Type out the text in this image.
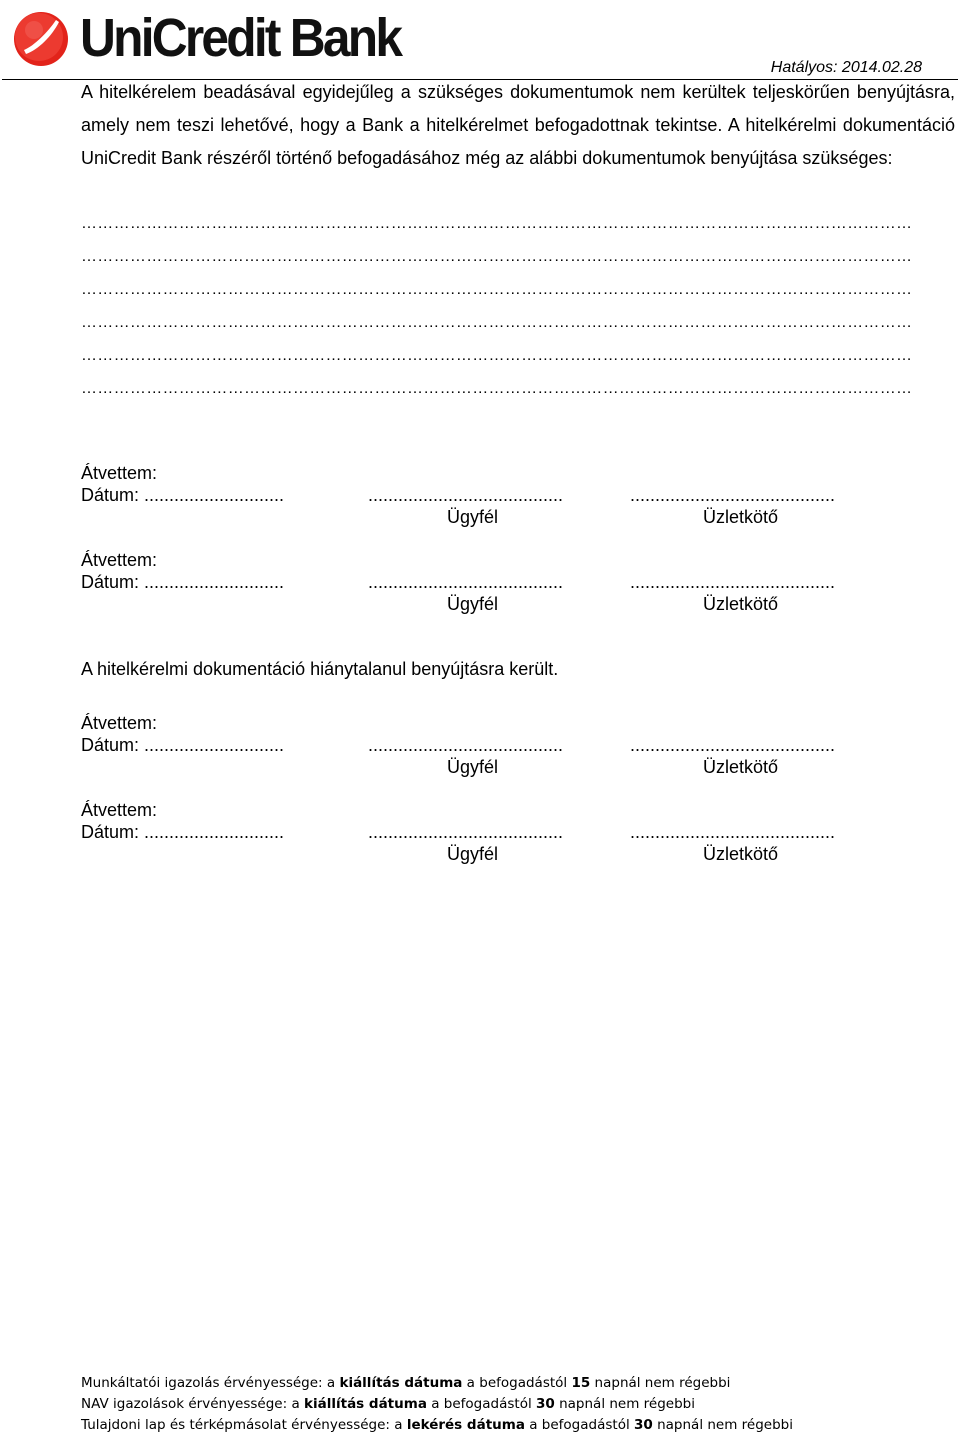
UniCredit Bank	Hatályos: 2014.02.28

A hitelkérelem beadásával egyidejűleg a szükséges dokumentumok nem kerültek teljeskörűen benyújtásra, amely nem teszi lehetővé, hogy a Bank a hitelkérelmet befogadottnak tekintse. A hitelkérelmi dokumentáció UniCredit Bank részéről történő befogadásához még az alábbi dokumentumok benyújtása szükséges:

………………………………………………………………………………………………………………………………………
………………………………………………………………………………………………………………………………………
………………………………………………………………………………………………………………………………………
………………………………………………………………………………………………………………………………………
………………………………………………………………………………………………………………………………………
………………………………………………………………………………………………………………………………………
Átvettem:
Dátum: ............................	.......................................	.........................................
Ügyfél	Üzletkötő
Átvettem:
Dátum: ............................	.......................................	.........................................
Ügyfél	Üzletkötő

A hitelkérelmi dokumentáció hiánytalanul benyújtásra került.

Átvettem:
Dátum: ............................	.......................................	.........................................
Ügyfél	Üzletkötő
Átvettem:
Dátum: ............................	.......................................	.........................................
Ügyfél	Üzletkötő
Munkáltatói igazolás érvényessége: a kiállítás dátuma a befogadástól 15 napnál nem régebbi
NAV igazolások érvényessége: a kiállítás dátuma a befogadástól 30 napnál nem régebbi
Tulajdoni lap és térképmásolat érvényessége: a lekérés dátuma a befogadástól 30 napnál nem régebbi
